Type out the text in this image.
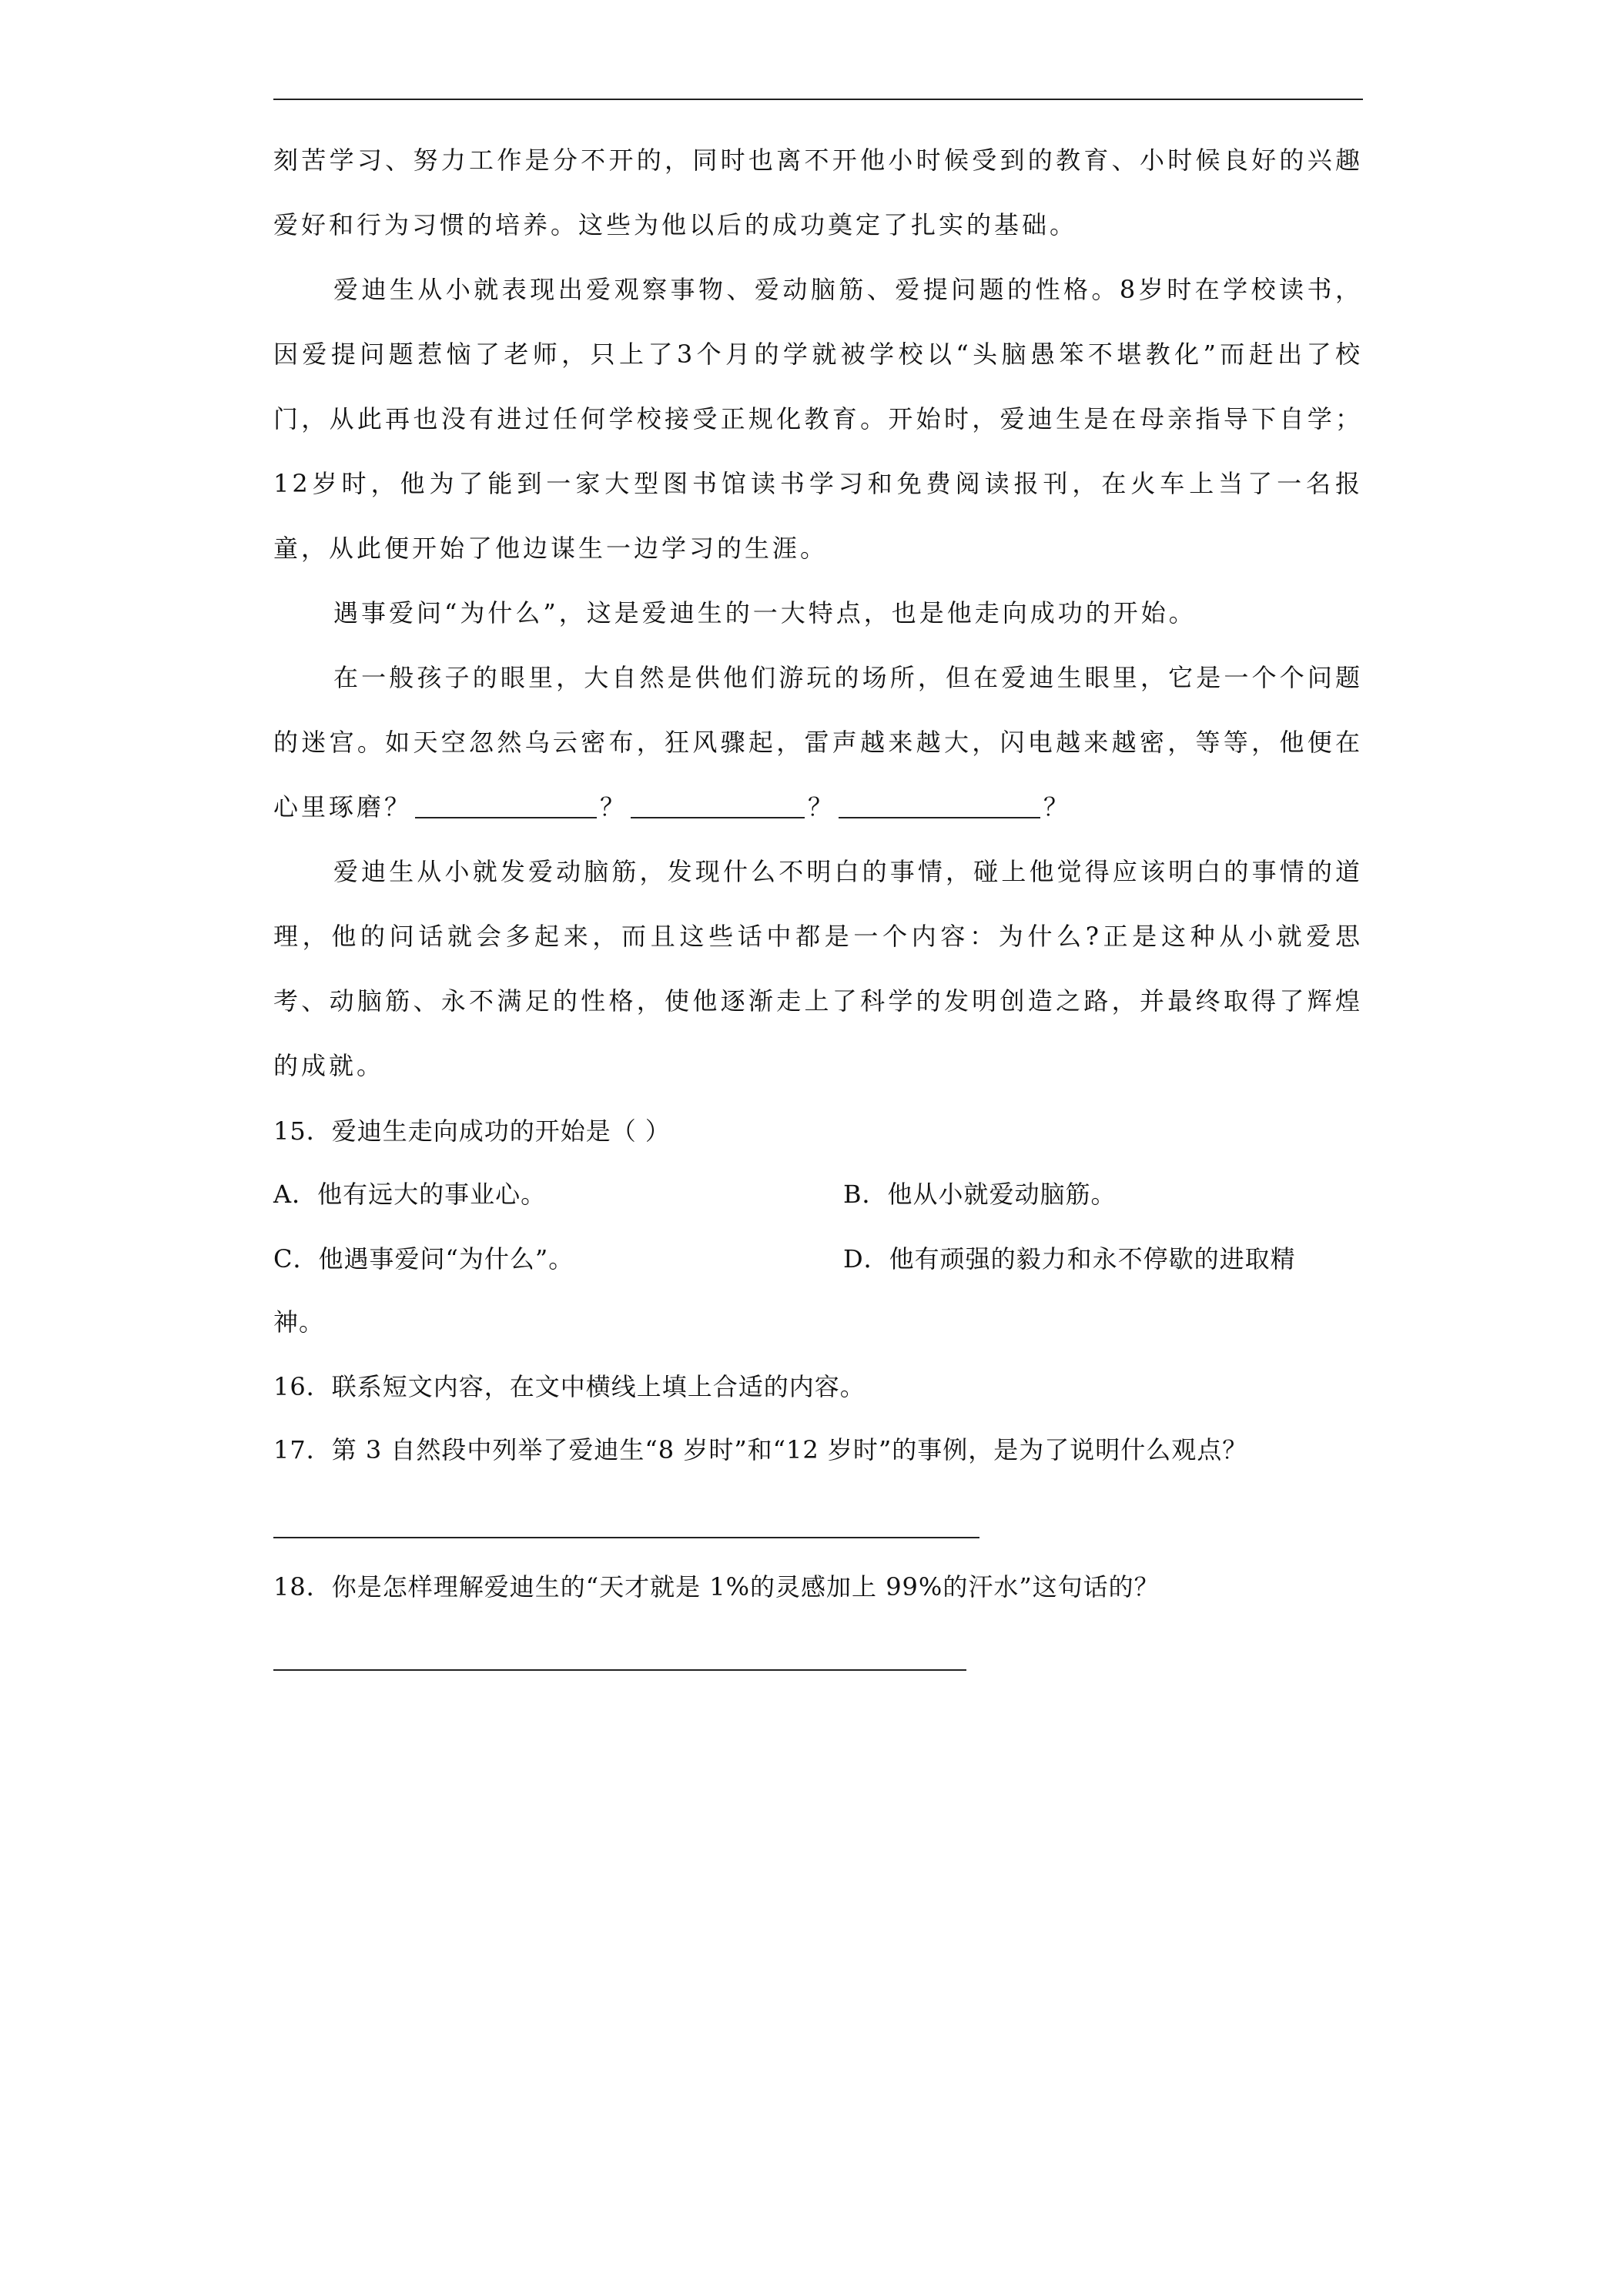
刻苦学习、努力工作是分不开的，同时也离不开他小时候受到的教育、小时候良好的兴趣爱好和行为习惯的培养。这些为他以后的成功奠定了扎实的基础。

爱迪生从小就表现出爱观察事物、爱动脑筋、爱提问题的性格。8岁时在学校读书，因爱提问题惹恼了老师，只上了3个月的学就被学校以“头脑愚笨不堪教化”而赶出了校门，从此再也没有进过任何学校接受正规化教育。开始时，爱迪生是在母亲指导下自学；12岁时，他为了能到一家大型图书馆读书学习和免费阅读报刊，在火车上当了一名报童，从此便开始了他边谋生一边学习的生涯。

遇事爱问“为什么”，这是爱迪生的一大特点，也是他走向成功的开始。

在一般孩子的眼里，大自然是供他们游玩的场所，但在爱迪生眼里，它是一个个问题的迷宫。如天空忽然乌云密布，狂风骤起，雷声越来越大，闪电越来越密，等等，他便在心里琢磨？	？	？	？

爱迪生从小就发爱动脑筋，发现什么不明白的事情，碰上他觉得应该明白的事情的道理，他的问话就会多起来，而且这些话中都是一个内容：为什么?正是这种从小就爱思考、动脑筋、永不满足的性格，使他逐渐走上了科学的发明创造之路，并最终取得了辉煌的成就。

15．爱迪生走向成功的开始是（ ）
A．他有远大的事业心。	B．他从小就爱动脑筋。
C．他遇事爱问“为什么”。	D．他有顽强的毅力和永不停歇的进取精
神。
16．联系短文内容，在文中横线上填上合适的内容。
17．第 3 自然段中列举了爱迪生“8 岁时”和“12 岁时”的事例，是为了说明什么观点？
18．你是怎样理解爱迪生的“天才就是 1%的灵感加上 99%的汗水”这句话的？
